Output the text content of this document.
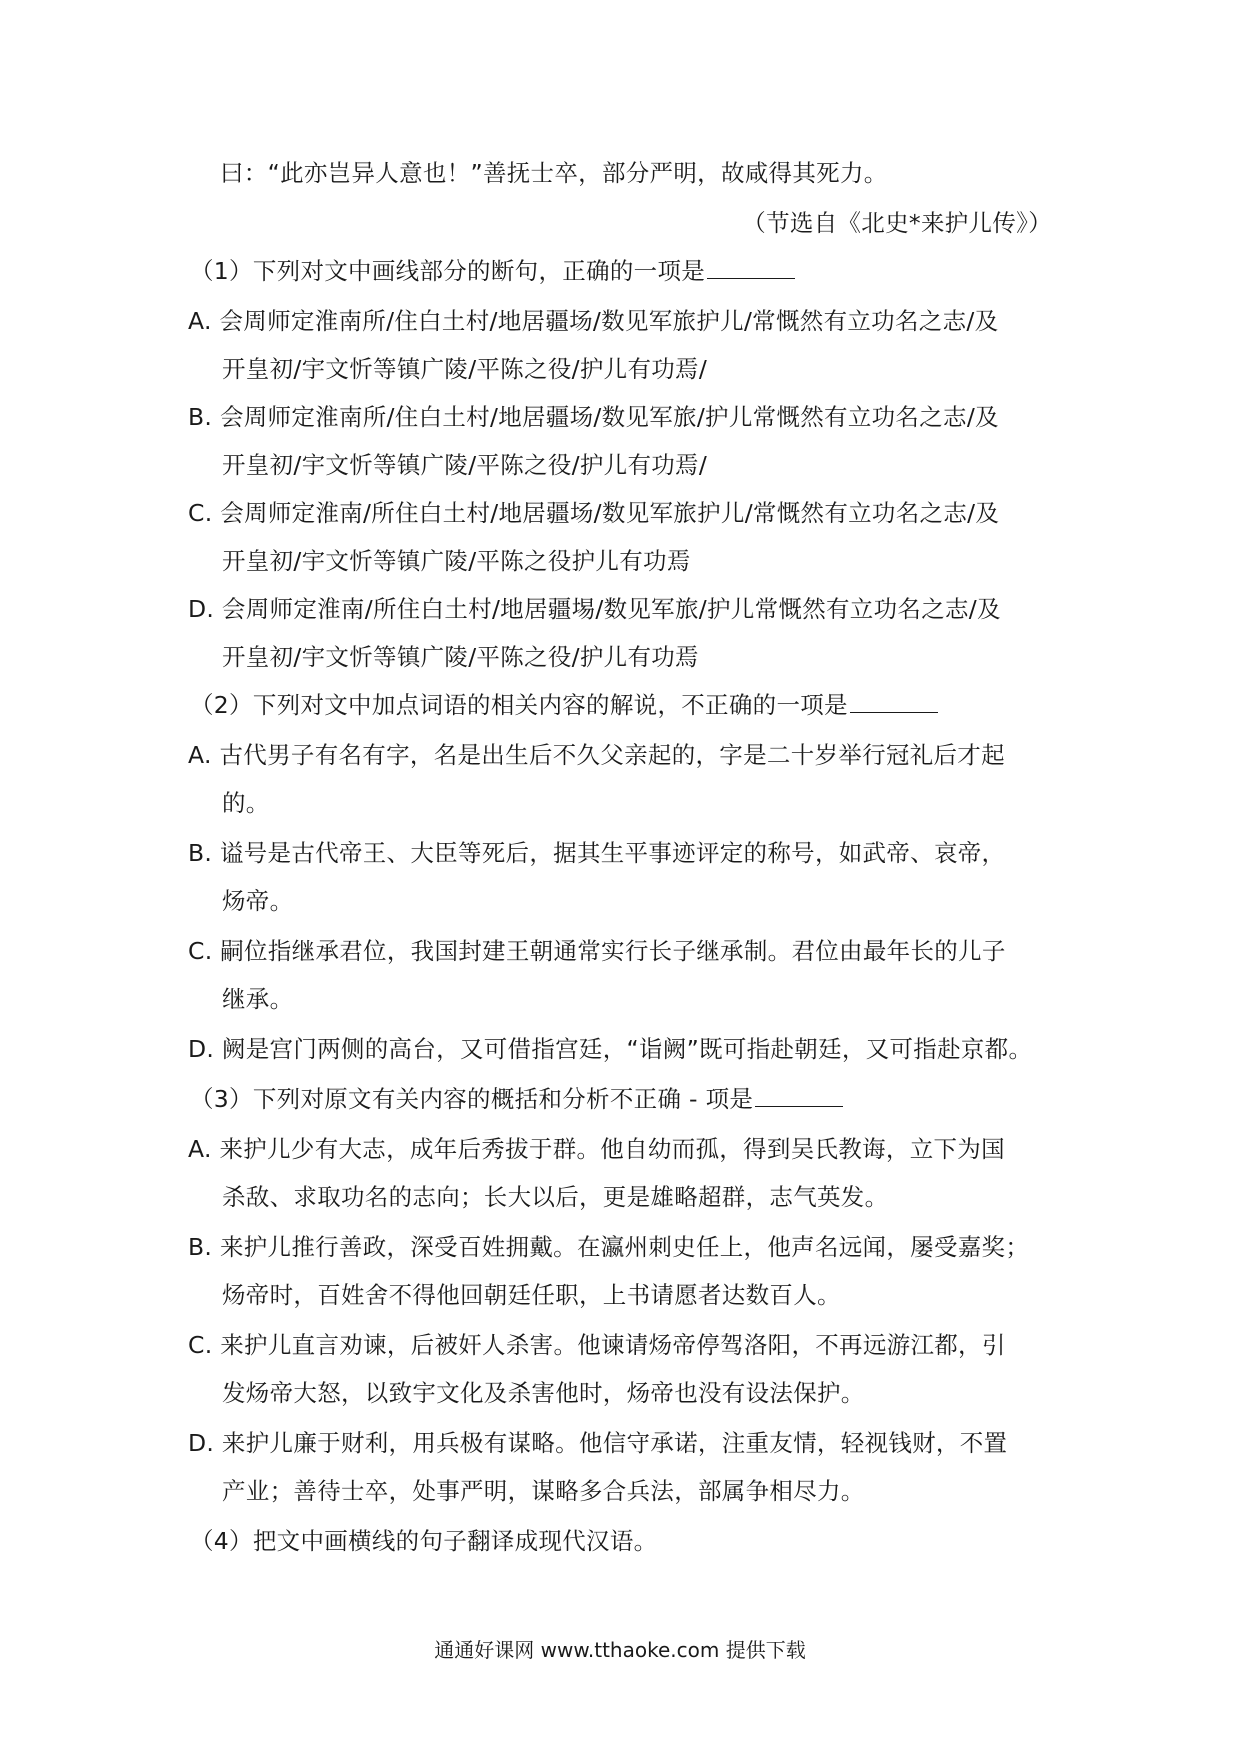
曰：“此亦岂异人意也！”善抚士卒，部分严明，故咸得其死力。
（节选自《北史*来护儿传》）
（1）下列对文中画线部分的断句，正确的一项是
A. 会周师定淮南所/住白土村/地居疆场/数见军旅护儿/常慨然有立功名之志/及
开皇初/宇文忻等镇广陵/平陈之役/护儿有功焉/
B. 会周师定淮南所/住白土村/地居疆场/数见军旅/护儿常慨然有立功名之志/及
开皇初/宇文忻等镇广陵/平陈之役/护儿有功焉/
C. 会周师定淮南/所住白土村/地居疆场/数见军旅护儿/常慨然有立功名之志/及
开皇初/宇文忻等镇广陵/平陈之役护儿有功焉
D. 会周师定淮南/所住白土村/地居疆埸/数见军旅/护儿常慨然有立功名之志/及
开皇初/宇文忻等镇广陵/平陈之役/护儿有功焉
（2）下列对文中加点词语的相关内容的解说，不正确的一项是
A. 古代男子有名有字，名是出生后不久父亲起的，字是二十岁举行冠礼后才起
的。
B. 谥号是古代帝王、大臣等死后，据其生平事迹评定的称号，如武帝、哀帝，
炀帝。
C. 嗣位指继承君位，我国封建王朝通常实行长子继承制。君位由最年长的儿子
继承。
D. 阙是宫门两侧的高台，又可借指宫廷，“诣阙”既可指赴朝廷，又可指赴京都。
（3）下列对原文有关内容的概括和分析不正确 - 项是
A. 来护儿少有大志，成年后秀拔于群。他自幼而孤，得到吴氏教诲，立下为国
杀敌、求取功名的志向；长大以后，更是雄略超群，志气英发。
B. 来护儿推行善政，深受百姓拥戴。在瀛州刺史任上，他声名远闻，屡受嘉奖；
炀帝时，百姓舍不得他回朝廷任职，上书请愿者达数百人。
C. 来护儿直言劝谏，后被奸人杀害。他谏请炀帝停驾洛阳，不再远游江都，引
发炀帝大怒，以致宇文化及杀害他时，炀帝也没有设法保护。
D. 来护儿廉于财利，用兵极有谋略。他信守承诺，注重友情，轻视钱财，不置
产业；善待士卒，处事严明，谋略多合兵法，部属争相尽力。
（4）把文中画横线的句子翻译成现代汉语。
通通好课网 www.tthaoke.com 提供下载
